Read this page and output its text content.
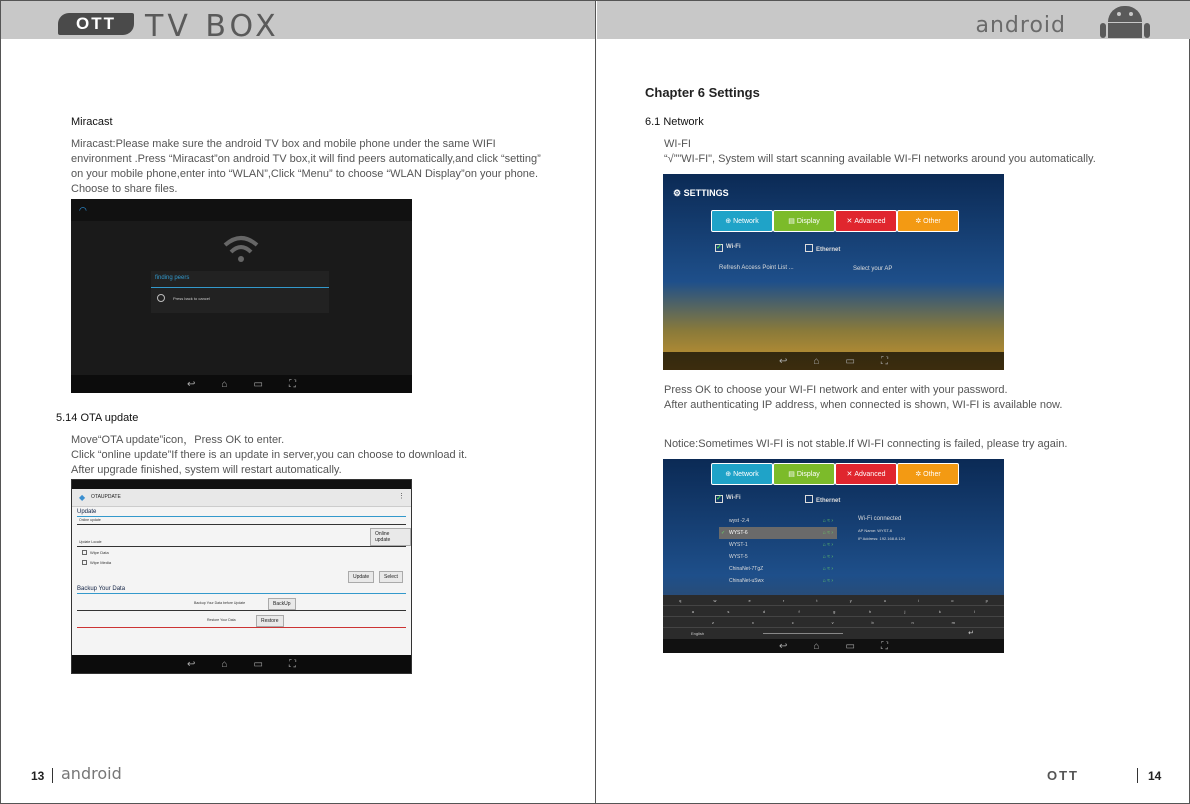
OTT TV BOX
Miracast
Miracast:Please make sure the android TV box and mobile phone under the same WIFI
environment .Press “Miracast”on android TV box,it will find peers automatically,and click “setting”
on your mobile phone,enter into “WLAN”,Click “Menu” to choose “WLAN Display”on your phone.
Choose to share files.
◠
finding peers
Press back to cancel
↩	⌂	▭	⛶
5.14 OTA update
Move“OTA update”icon，Press OK to enter.
Click “online update”If there is an update in server,you can choose to download it.
After upgrade finished, system will restart automatically.
◆ OTAUPDATE	⋮
Update
Online update
Online update
Update Locale
Wipe Data
Wipe Media
Update	Select
Backup Your Data
Backup Your Data before Update	BackUp
Restore Your Data	Restore
↩	⌂	▭	⛶
13 android
android
Chapter 6 Settings
6.1 Network
WI-FI
“√”"WI-FI", System will start scanning available WI-FI networks around you automatically.
⚙ SETTINGS
⊕
Network	▤
Display	✕
Advanced	✲
Other
✓ Wi-Fi	Ethernet
Refresh Access Point List ...	Select your AP
↩	⌂	▭	⛶
Press OK to choose your WI-FI network and enter with your password.
After authenticating IP address, when connected is shown, WI-FI is available now.
Notice:Sometimes WI-FI is not stable.If WI-FI connecting is failed, please try again.
⊕
Network	▤
Display	✕
Advanced	✲
Other
✓ Wi-Fi	Ethernet
wyst -2.4	⌂ ≈ ›
✓ WYST-6	⌂ ≈ ›
WYST-1	⌂ ≈ ›
WYST-5	⌂ ≈ ›
ChinaNet-7TgZ	⌂ ≈ ›
ChinaNet-uSwx	⌂ ≈ ›
Wi-Fi connected
AP Name: WYST-6
IP Address: 192.168.8.124
q	w	e	r	t	y	u	i	o	p
a	s	d	f	g	h	j	k	l
z	x	c	v	b	n	m
English	↵
↩	⌂	▭	⛶
OTT	14
